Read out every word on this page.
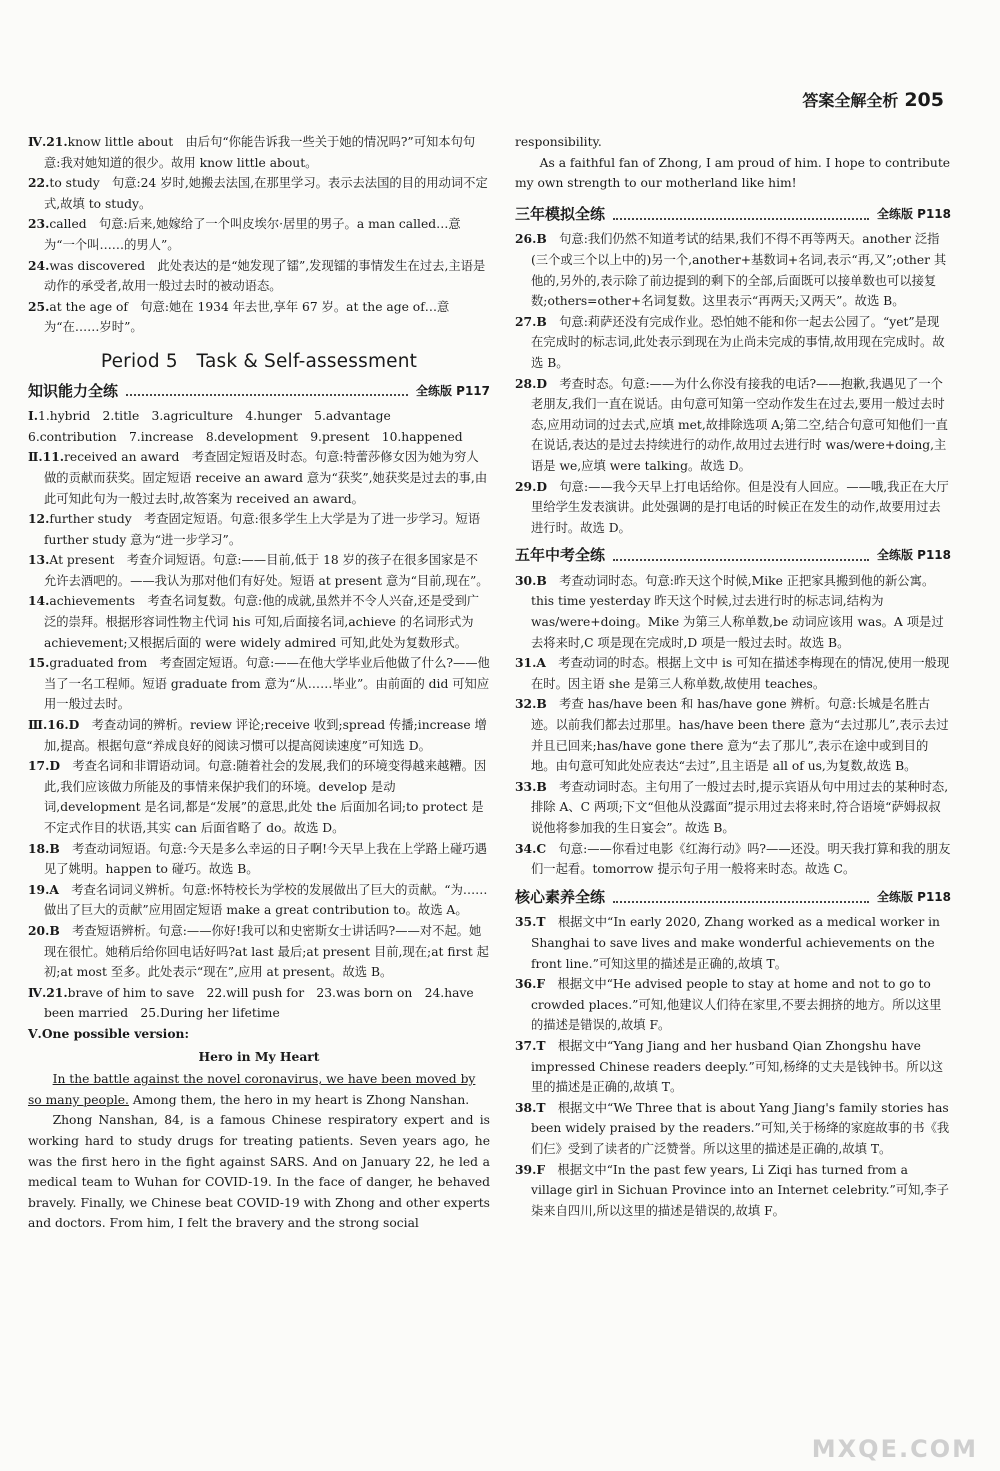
答案全解全析 205

Ⅳ.21.know little about　由后句“你能告诉我一些关于她的情况吗?”可知本句句意:我对她知道的很少。故用 know little about。

22.to study　句意:24 岁时,她搬去法国,在那里学习。表示去法国的目的用动词不定式,故填 to study。

23.called　句意:后来,她嫁给了一个叫皮埃尔·居里的男子。a man called…意为“一个叫……的男人”。

24.was discovered　此处表达的是“她发现了镭”,发现镭的事情发生在过去,主语是动作的承受者,故用一般过去时的被动语态。

25.at the age of　句意:她在 1934 年去世,享年 67 岁。at the age of…意为“在……岁时”。

Period 5　Task & Self-assessment
知识能力全练	全练版 P117

Ⅰ.1.hybrid　2.title　3.agriculture　4.hunger　5.advantage

6.contribution　7.increase　8.development　9.present　10.happened

Ⅱ.11.received an award　考查固定短语及时态。句意:特蕾莎修女因为她为穷人做的贡献而获奖。固定短语 receive an award 意为“获奖”,她获奖是过去的事,由此可知此句为一般过去时,故答案为 received an award。

12.further study　考查固定短语。句意:很多学生上大学是为了进一步学习。短语 further study 意为“进一步学习”。

13.At present　考查介词短语。句意:——目前,低于 18 岁的孩子在很多国家是不允许去酒吧的。——我认为那对他们有好处。短语 at present 意为“目前,现在”。

14.achievements　考查名词复数。句意:他的成就,虽然并不令人兴奋,还是受到广泛的崇拜。根据形容词性物主代词 his 可知,后面接名词,achieve 的名词形式为 achievement;又根据后面的 were widely admired 可知,此处为复数形式。

15.graduated from　考查固定短语。句意:——在他大学毕业后他做了什么?——他当了一名工程师。短语 graduate from 意为“从……毕业”。由前面的 did 可知应用一般过去时。

Ⅲ.16.D　考查动词的辨析。review 评论;receive 收到;spread 传播;increase 增加,提高。根据句意“养成良好的阅读习惯可以提高阅读速度”可知选 D。

17.D　考查名词和非谓语动词。句意:随着社会的发展,我们的环境变得越来越糟。因此,我们应该做力所能及的事情来保护我们的环境。develop 是动词,development 是名词,都是“发展”的意思,此处 the 后面加名词;to protect 是不定式作目的状语,其实 can 后面省略了 do。故选 D。

18.B　考查动词短语。句意:今天是多么幸运的日子啊!今天早上我在上学路上碰巧遇见了姚明。happen to 碰巧。故选 B。

19.A　考查名词词义辨析。句意:怀特校长为学校的发展做出了巨大的贡献。“为……做出了巨大的贡献”应用固定短语 make a great contribution to。故选 A。

20.B　考查短语辨析。句意:——你好!我可以和史密斯女士讲话吗?——对不起。她现在很忙。她稍后给你回电话好吗?at last 最后;at present 目前,现在;at first 起初;at most 至多。此处表示“现在”,应用 at present。故选 B。

Ⅳ.21.brave of him to save　22.will push for　23.was born on　24.have been married　25.During her lifetime

Ⅴ.One possible version:

Hero in My Heart

In the battle against the novel coronavirus, we have been moved by so many people. Among them, the hero in my heart is Zhong Nanshan.

Zhong Nanshan, 84, is a famous Chinese respiratory expert and is working hard to study drugs for treating patients. Seven years ago, he was the first hero in the fight against SARS. And on January 22, he led a medical team to Wuhan for COVID-19. In the face of danger, he behaved bravely. Finally, we Chinese beat COVID-19 with Zhong and other experts and doctors. From him, I felt the bravery and the strong social

responsibility.

As a faithful fan of Zhong, I am proud of him. I hope to contribute my own strength to our motherland like him!

三年模拟全练	全练版 P118

26.B　句意:我们仍然不知道考试的结果,我们不得不再等两天。another 泛指(三个或三个以上中的)另一个,another+基数词+名词,表示“再,又”;other 其他的,另外的,表示除了前边提到的剩下的全部,后面既可以接单数也可以接复数;others=other+名词复数。这里表示“再两天;又两天”。故选 B。

27.B　句意:莉萨还没有完成作业。恐怕她不能和你一起去公园了。“yet”是现在完成时的标志词,此处表示到现在为止尚未完成的事情,故用现在完成时。故选 B。

28.D　考查时态。句意:——为什么你没有接我的电话?——抱歉,我遇见了一个老朋友,我们一直在说话。由句意可知第一空动作发生在过去,要用一般过去时态,应用动词的过去式,应填 met,故排除选项 A;第二空,结合句意可知他们一直在说话,表达的是过去持续进行的动作,故用过去进行时 was/were+doing,主语是 we,应填 were talking。故选 D。

29.D　句意:——我今天早上打电话给你。但是没有人回应。——哦,我正在大厅里给学生发表演讲。此处强调的是打电话的时候正在发生的动作,故要用过去进行时。故选 D。

五年中考全练	全练版 P118

30.B　考查动词时态。句意:昨天这个时候,Mike 正把家具搬到他的新公寓。this time yesterday 昨天这个时候,过去进行时的标志词,结构为 was/were+doing。Mike 为第三人称单数,be 动词应该用 was。A 项是过去将来时,C 项是现在完成时,D 项是一般过去时。故选 B。

31.A　考查动词的时态。根据上文中 is 可知在描述李梅现在的情况,使用一般现在时。因主语 she 是第三人称单数,故使用 teaches。

32.B　考查 has/have been 和 has/have gone 辨析。句意:长城是名胜古迹。以前我们都去过那里。has/have been there 意为“去过那儿”,表示去过并且已回来;has/have gone there 意为“去了那儿”,表示在途中或到目的地。由句意可知此处应表达“去过”,且主语是 all of us,为复数,故选 B。

33.B　考查动词时态。主句用了一般过去时,提示宾语从句中用过去的某种时态,排除 A、C 两项;下文“但他从没露面”提示用过去将来时,符合语境“萨姆叔叔说他将参加我的生日宴会”。故选 B。

34.C　句意:——你看过电影《红海行动》吗?——还没。明天我打算和我的朋友们一起看。tomorrow 提示句子用一般将来时态。故选 C。

核心素养全练	全练版 P118

35.T　根据文中“In early 2020, Zhang worked as a medical worker in Shanghai to save lives and make wonderful achievements on the front line.”可知这里的描述是正确的,故填 T。

36.F　根据文中“He advised people to stay at home and not to go to crowded places.”可知,他建议人们待在家里,不要去拥挤的地方。所以这里的描述是错误的,故填 F。

37.T　根据文中“Yang Jiang and her husband Qian Zhongshu have impressed Chinese readers deeply.”可知,杨绛的丈夫是钱钟书。所以这里的描述是正确的,故填 T。

38.T　根据文中“We Three that is about Yang Jiang's family stories has been widely praised by the readers.”可知,关于杨绛的家庭故事的书《我们仨》受到了读者的广泛赞誉。所以这里的描述是正确的,故填 T。

39.F　根据文中“In the past few years, Li Ziqi has turned from a village girl in Sichuan Province into an Internet celebrity.”可知,李子柒来自四川,所以这里的描述是错误的,故填 F。

MXQE.COM
